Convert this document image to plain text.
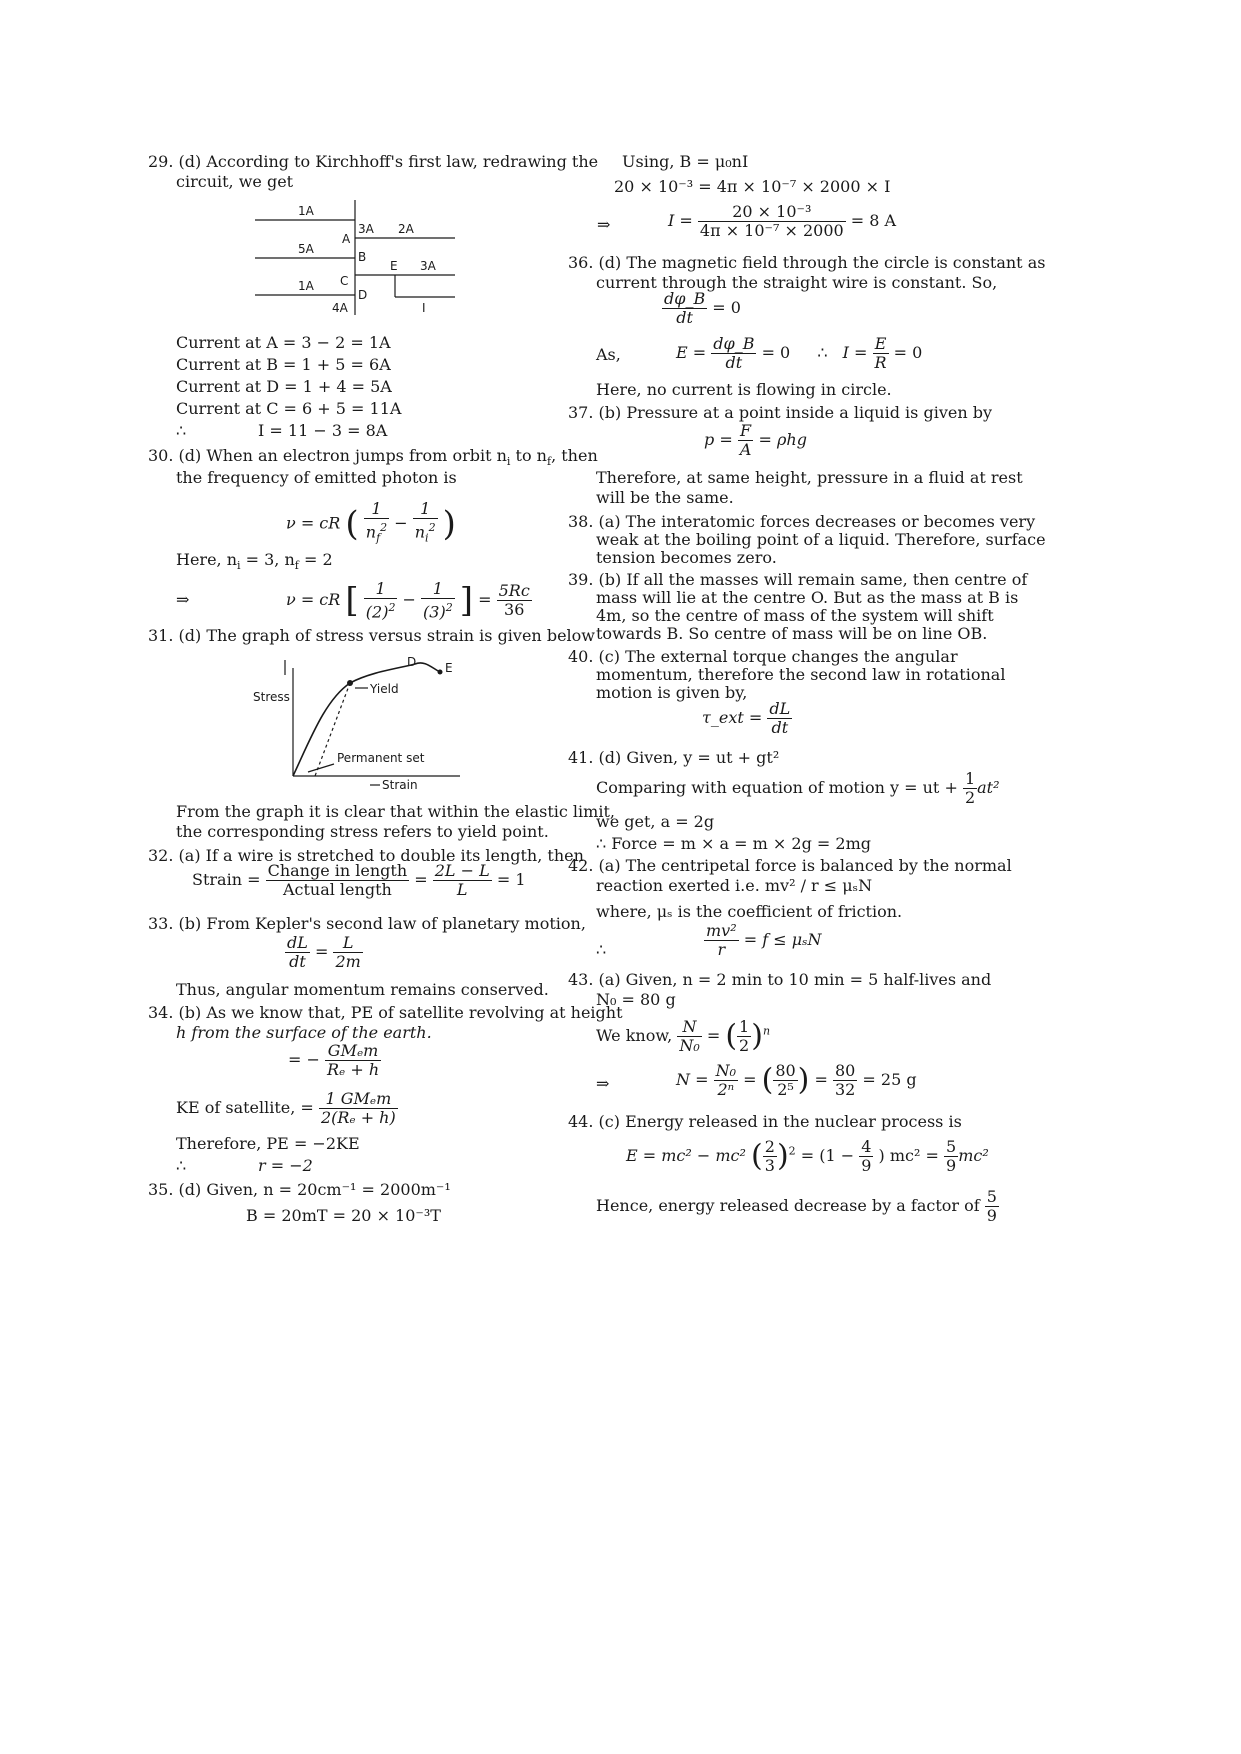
29. (d) According to Kirchhoff's first law, redrawing the
circuit, we get
1A
3A 2A
5A
A
B
E 3A
1A C
D
4A	I
Current at A = 3 − 2 = 1A
Current at B = 1 + 5 = 6A
Current at D = 1 + 4 = 5A
Current at C = 6 + 5 = 11A
∴	I = 11 − 3 = 8A
30. (d) When an electron jumps from orbit $n_i$ to $n_f$, then
the frequency of emitted photon is
ν = cR ( $\frac{1}{n_f^2} - \frac{1}{n_i^2}$ )
Here, $n_i = 3$, $n_f = 2$
⇒	ν = cR [ $\frac{1}{(2)^2} - \frac{1}{(3)^2}$ ] = $\frac{5Rc}{36}$
31. (d) The graph of stress versus strain is given below
D E
Stress
Yield
Permanent set
Strain
From the graph it is clear that within the elastic limit,
the corresponding stress refers to yield point.
32. (a) If a wire is stretched to double its length, then
Strain = $\frac{\text{Change in length}}{\text{Actual length}} = \frac{2L - L}{L} = 1$
33. (b) From Kepler's second law of planetary motion,
$\frac{dL}{dt} = \frac{L}{2m}$
Thus, angular momentum remains conserved.
34. (b) As we know that, PE of satellite revolving at height
h from the surface of the earth.
= − $\frac{\text{GMₑm}}{\text{Rₑ + h}}$
KE of satellite, = $\frac{\text{1 GMₑm}}{\text{2(Rₑ + h)}}$
Therefore, PE = −2KE
∴	r = −2
35. (d) Given, n = 20cm⁻¹ = 2000m⁻¹
B = 20mT = 20 × 10⁻³T
Using, B = μ₀nI
20 × 10⁻³ = 4π × 10⁻⁷ × 2000 × I
⇒	$I = \frac{\text{20 × 10⁻³}}{\text{4π × 10⁻⁷ × 2000}} = 8$ A
36. (d) The magnetic field through the circle is constant as
current through the straight wire is constant. So,
$\frac{d\varphi\_B}{dt} = 0$
As,	$E = \frac{d\varphi\_B}{dt} = 0$ ∴ $I = \frac{E}{R} = 0$
Here, no current is flowing in circle.
37. (b) Pressure at a point inside a liquid is given by
$p = \frac{F}{A} = \rho hg$
Therefore, at same height, pressure in a fluid at rest
will be the same.
38. (a) The interatomic forces decreases or becomes very
weak at the boiling point of a liquid. Therefore, surface
tension becomes zero.
39. (b) If all the masses will remain same, then centre of
mass will lie at the centre O. But as the mass at B is
4m, so the centre of mass of the system will shift
towards B. So centre of mass will be on line OB.
40. (c) The external torque changes the angular
momentum, therefore the second law in rotational
motion is given by,
τ_ext = $\frac{dL}{dt}$
41. (d) Given, y = ut + gt²
Comparing with equation of motion y = ut + $\frac{1}{2} at^2$
we get, a = 2g
∴ Force = m × a = m × 2g = 2mg
42. (a) The centripetal force is balanced by the normal
reaction exerted i.e. mv² / r ≤ μₛN
where, μₛ is the coefficient of friction.
∴	$\frac{\text{mv²}}{r} = f \le \mu_sN$
43. (a) Given, n = 2 min to 10 min = 5 half-lives and
N₀ = 80 g
We know, $\frac{N}{\text{N₀}}$ = ( $\frac{1}{2} )^n$
⇒	$N = \frac{\text{N₀}}{\text{2ⁿ}}$ = ( $\frac{80}{\text{2⁵}}$ ) = $\frac{80}{32} = 25$ g
44. (c) Energy released in the nuclear process is
E = mc² − mc² ( $\frac{2}{3} )^2 = (1 - \frac{4}{9}$ ) $mc^2 = \frac{5}{9} mc^2$
Hence, energy released decrease by a factor of $\frac{5}{9}$
